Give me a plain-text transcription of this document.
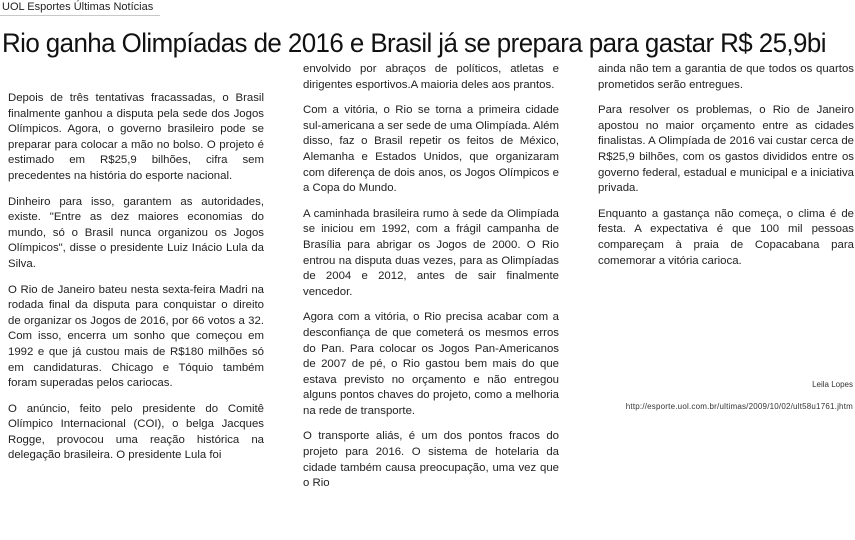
UOL Esportes Últimas Notícias
Rio ganha Olimpíadas de 2016 e Brasil já se prepara para gastar R$ 25,9bi

Depois de três tentativas fracassadas, o Brasil finalmente ganhou a disputa pela sede dos Jogos Olímpicos. Agora, o governo brasileiro pode se preparar para colocar a mão no bolso. O projeto é estimado em R$25,9 bilhões, cifra sem precedentes na história do esporte nacional.

Dinheiro para isso, garantem as autoridades, existe. "Entre as dez maiores economias do mundo, só o Brasil nunca organizou os Jogos Olímpicos", disse o presidente Luiz Inácio Lula da Silva.

O Rio de Janeiro bateu nesta sexta-feira Madri na rodada final da disputa para conquistar o direito de organizar os Jogos de 2016, por 66 votos a 32. Com isso, encerra um sonho que começou em 1992 e que já custou mais de R$180 milhões só em candidaturas. Chicago e Tóquio também foram superadas pelos cariocas.

O anúncio, feito pelo presidente do Comitê Olímpico Internacional (COI), o belga Jacques Rogge, provocou uma reação histórica na delegação brasileira. O presidente Lula foi

envolvido por abraços de políticos, atletas e dirigentes esportivos.A maioria deles aos prantos.

Com a vitória, o Rio se torna a primeira cidade sul-americana a ser sede de uma Olimpíada. Além disso, faz o Brasil repetir os feitos de México, Alemanha e Estados Unidos, que organizaram com diferença de dois anos, os Jogos Olímpicos e a Copa do Mundo.

A caminhada brasileira rumo à sede da Olimpíada se iniciou em 1992, com a frágil campanha de Brasília para abrigar os Jogos de 2000. O Rio entrou na disputa duas vezes, para as Olimpíadas de 2004 e 2012, antes de sair finalmente vencedor.

Agora com a vitória, o Rio precisa acabar com a desconfiança de que cometerá os mesmos erros do Pan. Para colocar os Jogos Pan-Americanos de 2007 de pé, o Rio gastou bem mais do que estava previsto no orçamento e não entregou alguns pontos chaves do projeto, como a melhoria na rede de transporte.

O transporte aliás, é um dos pontos fracos do projeto para 2016. O sistema de hotelaria da cidade também causa preocupação, uma vez que o Rio

ainda não tem a garantia de que todos os quartos prometidos serão entregues.

Para resolver os problemas, o Rio de Janeiro apostou no maior orçamento entre as cidades finalistas. A Olimpíada de 2016 vai custar cerca de R$25,9 bilhões, com os gastos divididos entre os governo federal, estadual e municipal e a iniciativa privada.

Enquanto a gastança não começa, o clima é de festa. A expectativa é que 100 mil pessoas compareçam à praia de Copacabana para comemorar a vitória carioca.

Leila Lopes
http://esporte.uol.com.br/ultimas/2009/10/02/ult58u1761.jhtm
